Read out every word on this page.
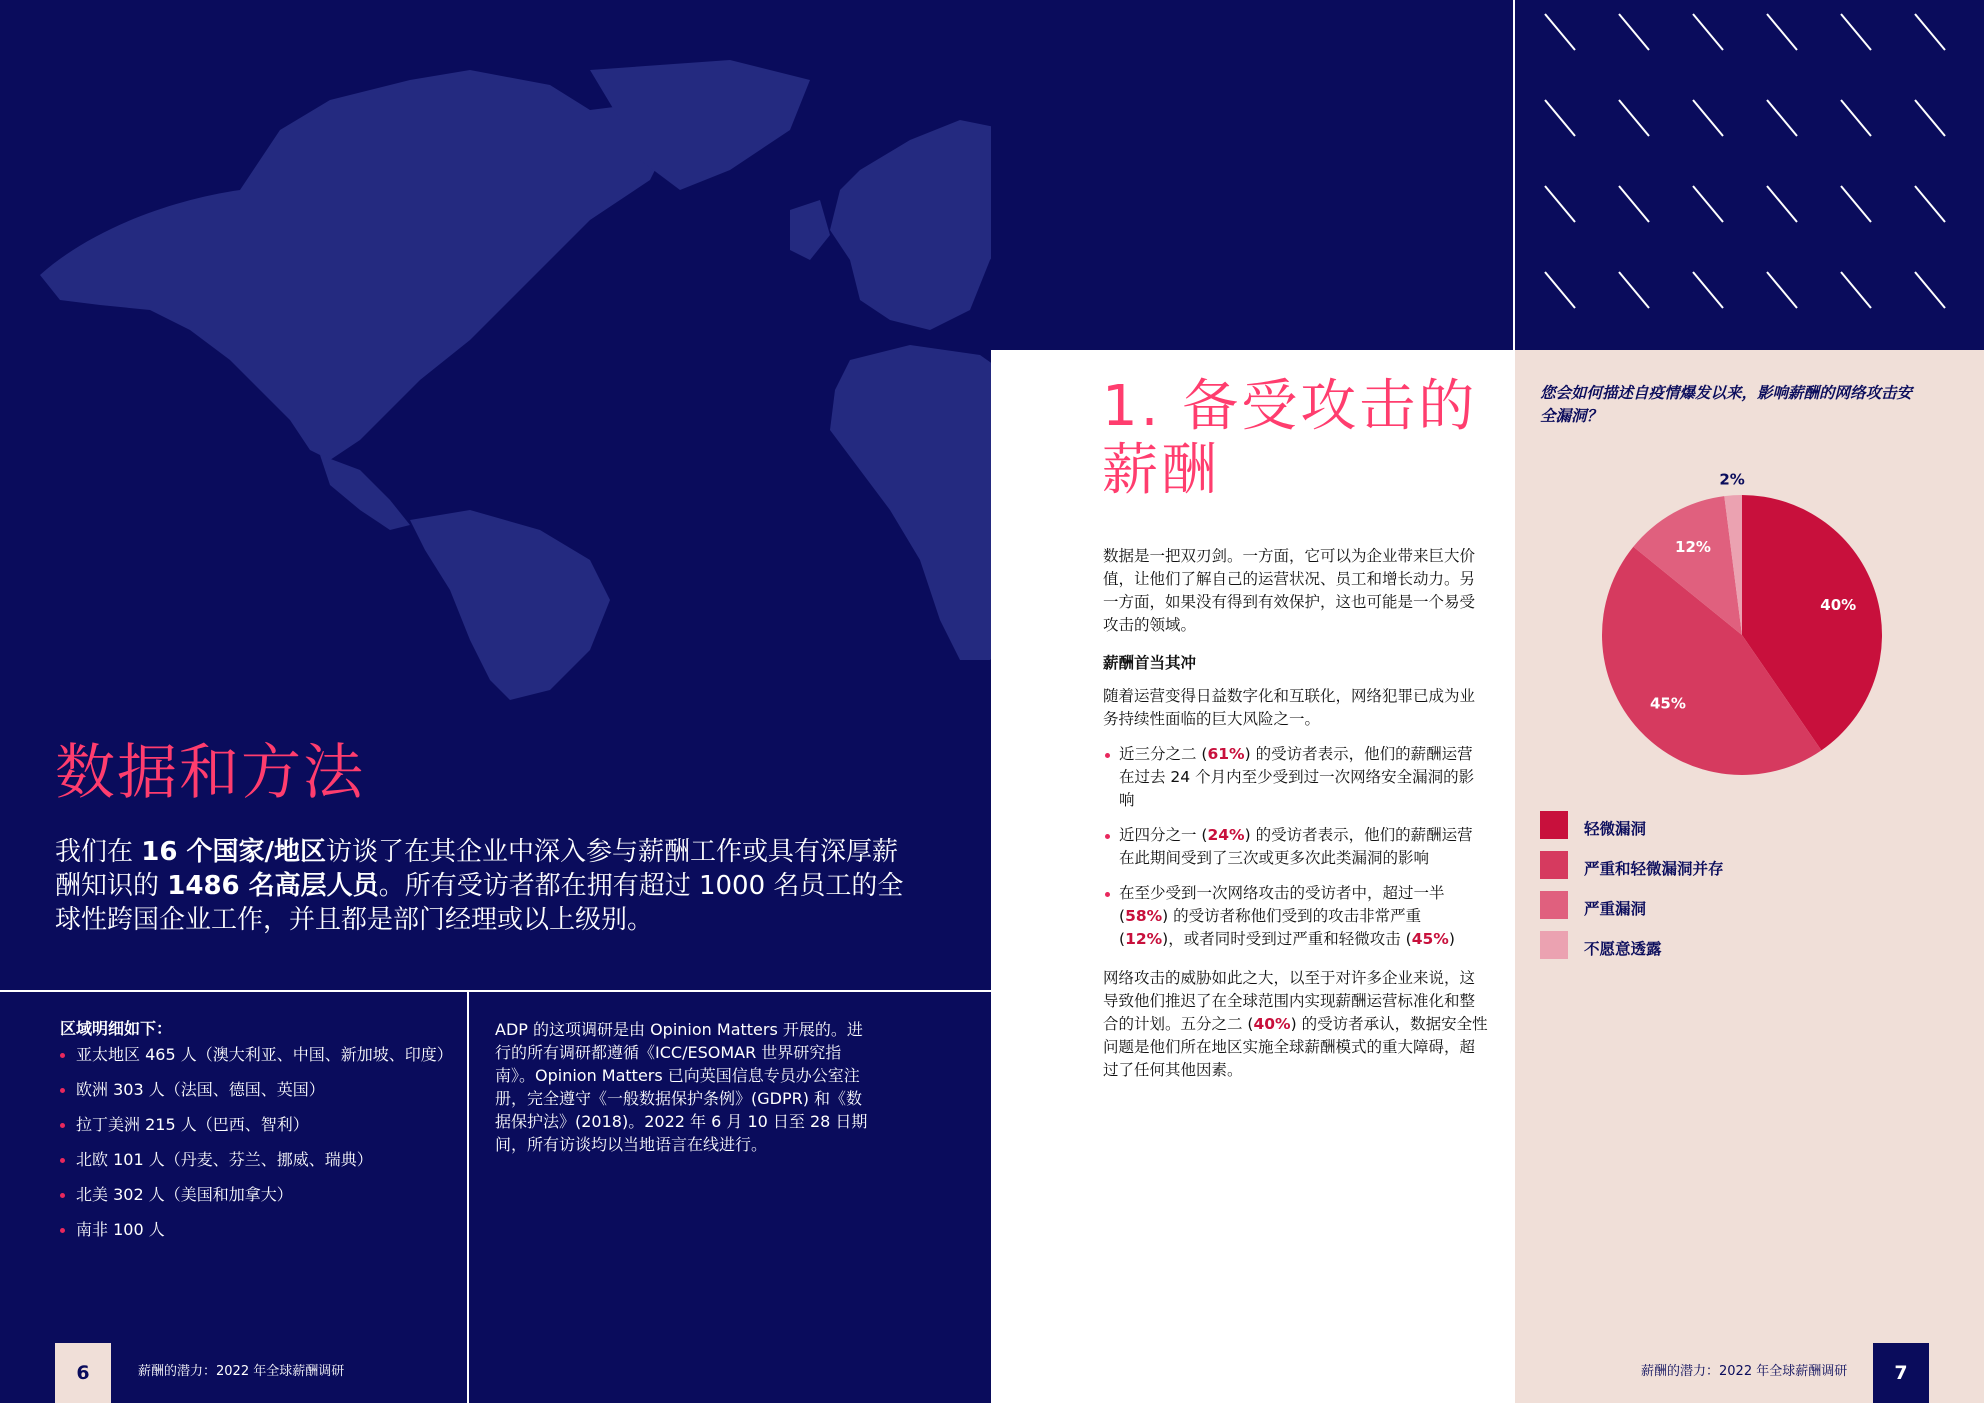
数据和方法
我们在 16 个国家/地区访谈了在其企业中深入参与薪酬工作或具有深厚薪酬知识的 1486 名高层人员。所有受访者都在拥有超过 1000 名员工的全球性跨国企业工作，并且都是部门经理或以上级别。
区域明细如下：
亚太地区 465 人（澳大利亚、中国、新加坡、印度）
欧洲 303 人（法国、德国、英国）
拉丁美洲 215 人（巴西、智利）
北欧 101 人（丹麦、芬兰、挪威、瑞典）
北美 302 人（美国和加拿大）
南非 100 人
ADP 的这项调研是由 Opinion Matters 开展的。进行的所有调研都遵循《ICC/ESOMAR 世界研究指南》。Opinion Matters 已向英国信息专员办公室注册，完全遵守《一般数据保护条例》(GDPR) 和《数据保护法》(2018)。2022 年 6 月 10 日至 28 日期间，所有访谈均以当地语言在线进行。
6	薪酬的潜力：2022 年全球薪酬调研
1. 备受攻击的薪酬
数据是一把双刃剑。一方面，它可以为企业带来巨大价值，让他们了解自己的运营状况、员工和增长动力。另一方面，如果没有得到有效保护，这也可能是一个易受攻击的领域。
薪酬首当其冲
随着运营变得日益数字化和互联化，网络犯罪已成为业务持续性面临的巨大风险之一。
近三分之二 (61%) 的受访者表示，他们的薪酬运营在过去 24 个月内至少受到过一次网络安全漏洞的影响
近四分之一 (24%) 的受访者表示，他们的薪酬运营在此期间受到了三次或更多次此类漏洞的影响
在至少受到一次网络攻击的受访者中，超过一半 (58%) 的受访者称他们受到的攻击非常严重 (12%)，或者同时受到过严重和轻微攻击 (45%)
网络攻击的威胁如此之大，以至于对许多企业来说，这导致他们推迟了在全球范围内实现薪酬运营标准化和整合的计划。五分之二 (40%) 的受访者承认，数据安全性问题是他们所在地区实施全球薪酬模式的重大障碍，超过了任何其他因素。
您会如何描述自疫情爆发以来，影响薪酬的网络攻击安全漏洞？
40%
45%
12%
2%
轻微漏洞
严重和轻微漏洞并存
严重漏洞
不愿意透露
薪酬的潜力：2022 年全球薪酬调研	7
